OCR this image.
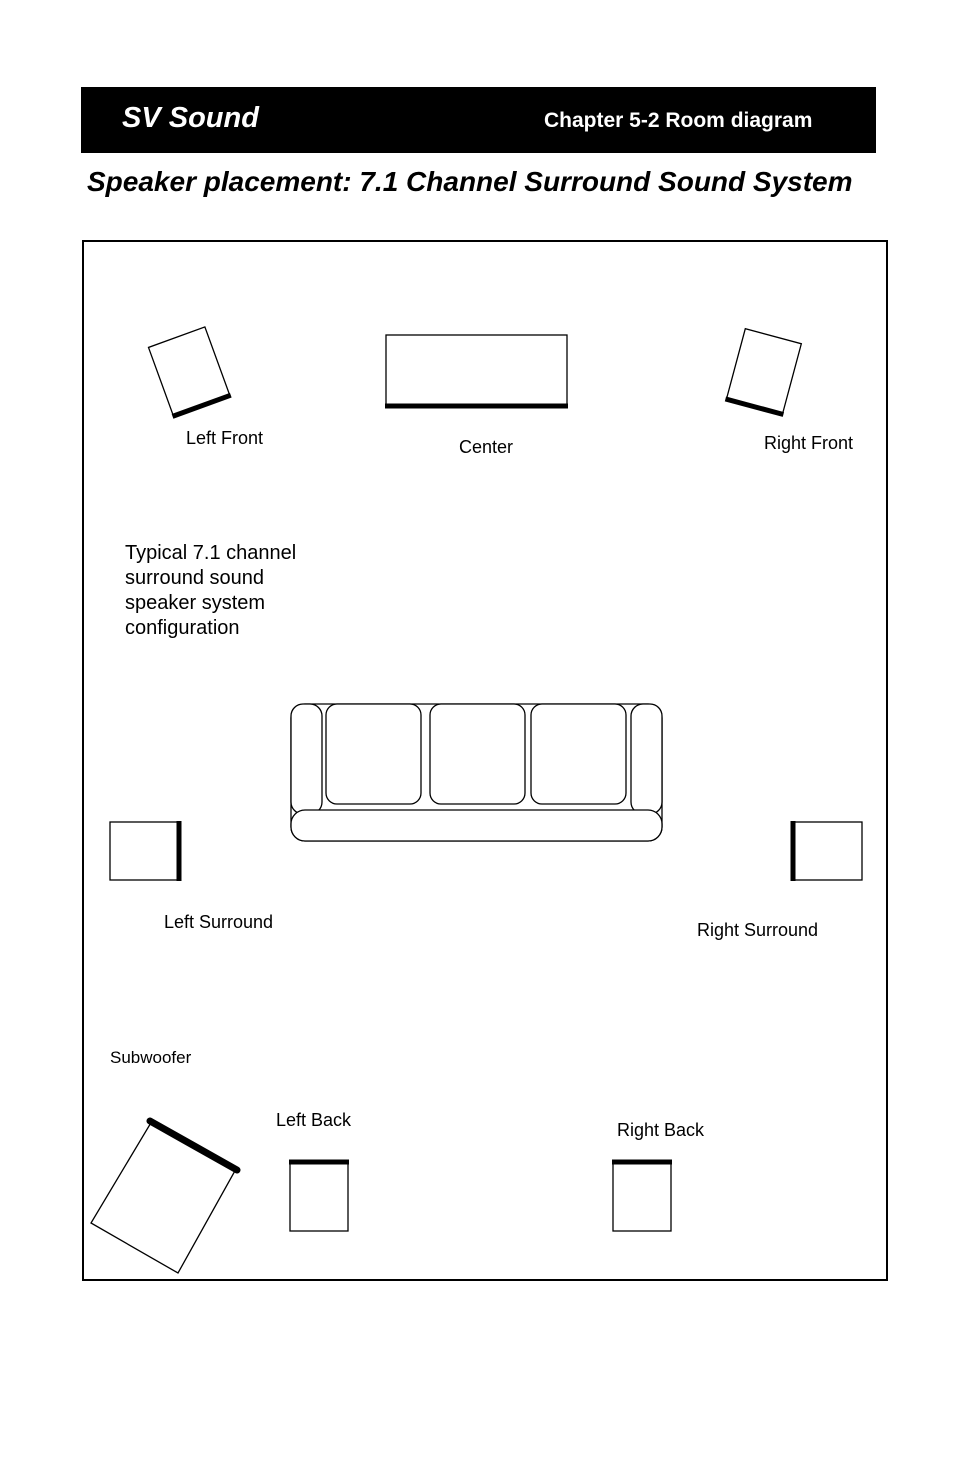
SV Sound	Chapter 5-2 Room diagram
Speaker placement: 7.1 Channel Surround Sound System
Left Front	Center	Right Front
Typical 7.1 channel
surround sound
speaker system
configuration
Left Surround	Right Surround
Subwoofer
Left Back	Right Back
